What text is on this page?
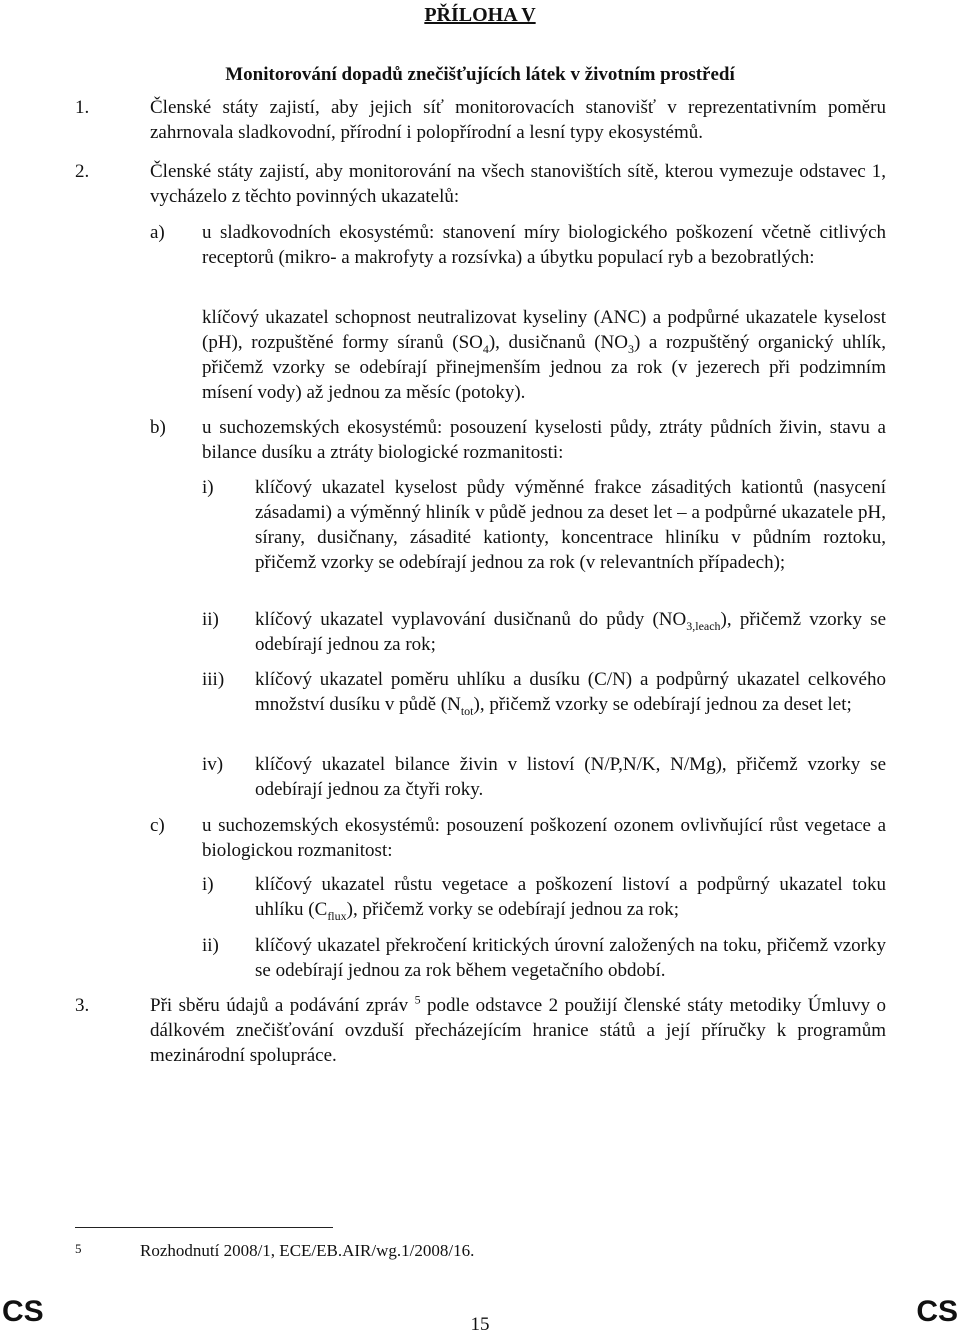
PŘÍLOHA V
Monitorování dopadů znečišťujících látek v životním prostředí
1.	Členské státy zajistí, aby jejich síť monitorovacích stanovišť v reprezentativním poměru zahrnovala sladkovodní, přírodní i polopřírodní a lesní typy ekosystémů.
2.	Členské státy zajistí, aby monitorování na všech stanovištích sítě, kterou vymezuje odstavec 1, vycházelo z těchto povinných ukazatelů:
a) u sladkovodních ekosystémů: stanovení míry biologického poškození včetně citlivých receptorů (mikro- a makrofyty a rozsívka) a úbytku populací ryb a bezobratlých:
klíčový ukazatel schopnost neutralizovat kyseliny (ANC) a podpůrné ukazatele kyselost (pH), rozpuštěné formy síranů $(SO_4)$, dusičnanů $(NO_3)$ a rozpuštěný organický uhlík, přičemž vzorky se odebírají přinejmenším jednou za rok (v jezerech při podzimním mísení vody) až jednou za měsíc (potoky).
b) u suchozemských ekosystémů: posouzení kyselosti půdy, ztráty půdních živin, stavu a bilance dusíku a ztráty biologické rozmanitosti:
i) klíčový ukazatel kyselost půdy výměnné frakce zásaditých kationtů (nasycení zásadami) a výměnný hliník v půdě jednou za deset let – a podpůrné ukazatele pH, sírany, dusičnany, zásadité kationty, koncentrace hliníku v půdním roztoku, přičemž vzorky se odebírají jednou za rok (v relevantních případech);
ii) klíčový ukazatel vyplavování dusičnanů do půdy $(NO_{3,leach})$, přičemž vzorky se odebírají jednou za rok;
iii) klíčový ukazatel poměru uhlíku a dusíku (C/N) a podpůrný ukazatel celkového množství dusíku v půdě $(N_{tot})$, přičemž vzorky se odebírají jednou za deset let;
iv) klíčový ukazatel bilance živin v listoví (N/P,N/K, N/Mg), přičemž vzorky se odebírají jednou za čtyři roky.
c) u suchozemských ekosystémů: posouzení poškození ozonem ovlivňující růst vegetace a biologickou rozmanitost:
i) klíčový ukazatel růstu vegetace a poškození listoví a podpůrný ukazatel toku uhlíku $(C_{flux})$, přičemž vorky se odebírají jednou za rok;
ii) klíčový ukazatel překročení kritických úrovní založených na toku, přičemž vzorky se odebírají jednou za rok během vegetačního období.
3.	Při sběru údajů a podávání zpráv $^5$ podle odstavce 2 použijí členské státy metodiky Úmluvy o dálkovém znečišťování ovzduší přecházejícím hranice států a její příručky k programům mezinárodní spolupráce.
5	Rozhodnutí 2008/1, ECE/EB.AIR/wg.1/2008/16.
CS	15	CS
